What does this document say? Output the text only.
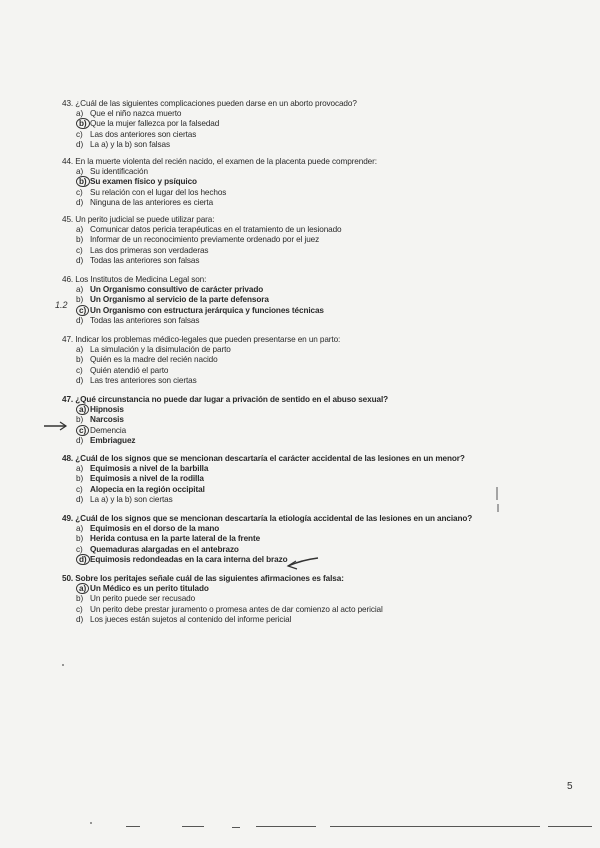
43. ¿Cuál de las siguientes complicaciones pueden darse en un aborto provocado?
a) Que el niño nazca muerto
b) Que la mujer fallezca por la falsedad
c) Las dos anteriores son ciertas
d) La a) y la b) son falsas
44. En la muerte violenta del recién nacido, el examen de la placenta puede comprender:
a) Su identificación
b) Su examen físico y psíquico
c) Su relación con el lugar del los hechos
d) Ninguna de las anteriores es cierta
45. Un perito judicial se puede utilizar para:
a) Comunicar datos pericia terapéuticas en el tratamiento de un lesionado
b) Informar de un reconocimiento previamente ordenado por el juez
c) Las dos primeras son verdaderas
d) Todas las anteriores son falsas
46. Los Institutos de Medicina Legal son:
a) Un Organismo consultivo de carácter privado
b) Un Organismo al servicio de la parte defensora
c) Un Organismo con estructura jerárquica y funciones técnicas
d) Todas las anteriores son falsas
47. Indicar los problemas médico-legales que pueden presentarse en un parto:
a) La simulación y la disimulación de parto
b) Quién es la madre del recién nacido
c) Quién atendió el parto
d) Las tres anteriores son ciertas
47. ¿Qué circunstancia no puede dar lugar a privación de sentido en el abuso sexual?
a) Hipnosis
b) Narcosis
c) Demencia
d) Embriaguez
48. ¿Cuál de los signos que se mencionan descartaría el carácter accidental de las lesiones en un menor?
a) Equimosis a nivel de la barbilla
b) Equimosis a nivel de la rodilla
c) Alopecia en la región occipital
d) La a) y la b) son ciertas
49. ¿Cuál de los signos que se mencionan descartaría la etiología accidental de las lesiones en un anciano?
a) Equimosis en el dorso de la mano
b) Herida contusa en la parte lateral de la frente
c) Quemaduras alargadas en el antebrazo
d) Equimosis redondeadas en la cara interna del brazo
50. Sobre los peritajes señale cuál de las siguientes afirmaciones es falsa:
a) Un Médico es un perito titulado
b) Un perito puede ser recusado
c) Un perito debe prestar juramento o promesa antes de dar comienzo al acto pericial
d) Los jueces están sujetos al contenido del informe pericial
1.2
5
